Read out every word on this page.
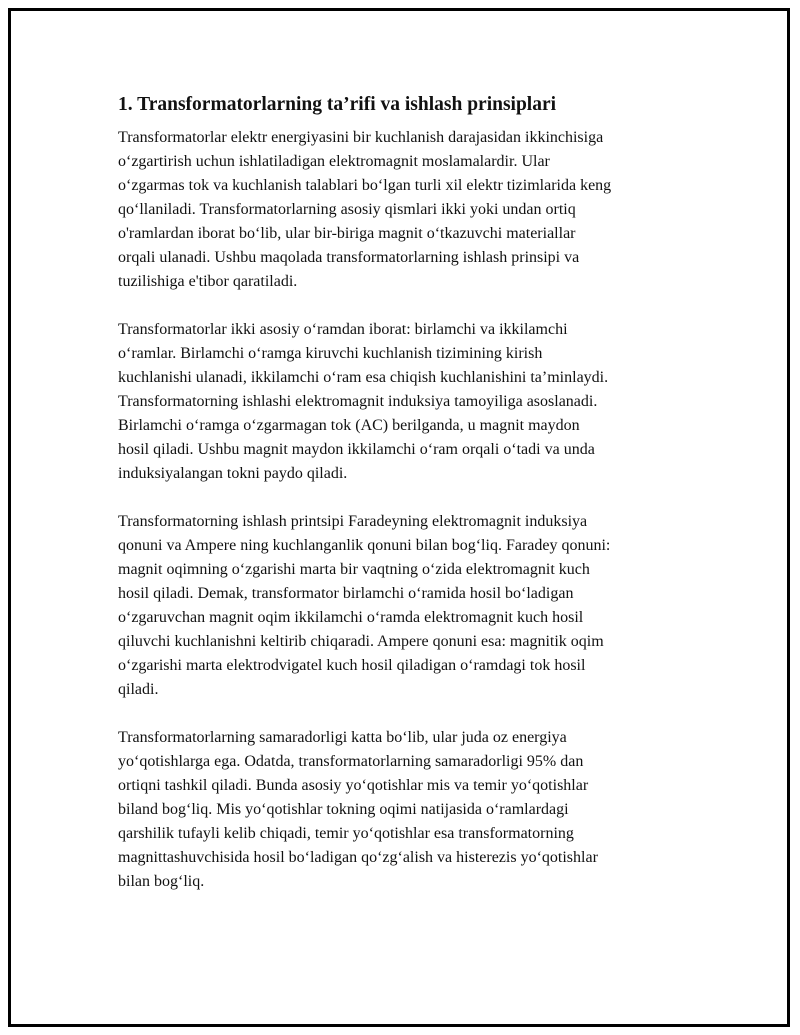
1. Transformatorlarning ta’rifi va ishlash prinsiplari
Transformatorlar elektr energiyasini bir kuchlanish darajasidan ikkinchisiga
o‘zgartirish uchun ishlatiladigan elektromagnit moslamalardir. Ular
o‘zgarmas tok va kuchlanish talablari bo‘lgan turli xil elektr tizimlarida keng
qo‘llaniladi. Transformatorlarning asosiy qismlari ikki yoki undan ortiq
o'ramlardan iborat bo‘lib, ular bir-biriga magnit o‘tkazuvchi materiallar
orqali ulanadi. Ushbu maqolada transformatorlarning ishlash prinsipi va
tuzilishiga e'tibor qaratiladi.
Transformatorlar ikki asosiy o‘ramdan iborat: birlamchi va ikkilamchi
o‘ramlar. Birlamchi o‘ramga kiruvchi kuchlanish tizimining kirish
kuchlanishi ulanadi, ikkilamchi o‘ram esa chiqish kuchlanishini ta’minlaydi.
Transformatorning ishlashi elektromagnit induksiya tamoyiliga asoslanadi.
Birlamchi o‘ramga o‘zgarmagan tok (AC) berilganda, u magnit maydon
hosil qiladi. Ushbu magnit maydon ikkilamchi o‘ram orqali o‘tadi va unda
induksiyalangan tokni paydo qiladi.
Transformatorning ishlash printsipi Faradeyning elektromagnit induksiya
qonuni va Ampere ning kuchlanganlik qonuni bilan bog‘liq. Faradey qonuni:
magnit oqimning o‘zgarishi marta bir vaqtning o‘zida elektromagnit kuch
hosil qiladi. Demak, transformator birlamchi o‘ramida hosil bo‘ladigan
o‘zgaruvchan magnit oqim ikkilamchi o‘ramda elektromagnit kuch hosil
qiluvchi kuchlanishni keltirib chiqaradi. Ampere qonuni esa: magnitik oqim
o‘zgarishi marta elektrodvigatel kuch hosil qiladigan o‘ramdagi tok hosil
qiladi.
Transformatorlarning samaradorligi katta bo‘lib, ular juda oz energiya
yo‘qotishlarga ega. Odatda, transformatorlarning samaradorligi 95% dan
ortiqni tashkil qiladi. Bunda asosiy yo‘qotishlar mis va temir yo‘qotishlar
biland bog‘liq. Mis yo‘qotishlar tokning oqimi natijasida o‘ramlardagi
qarshilik tufayli kelib chiqadi, temir yo‘qotishlar esa transformatorning
magnittashuvchisida hosil bo‘ladigan qo‘zg‘alish va histerezis yo‘qotishlar
bilan bog‘liq.
